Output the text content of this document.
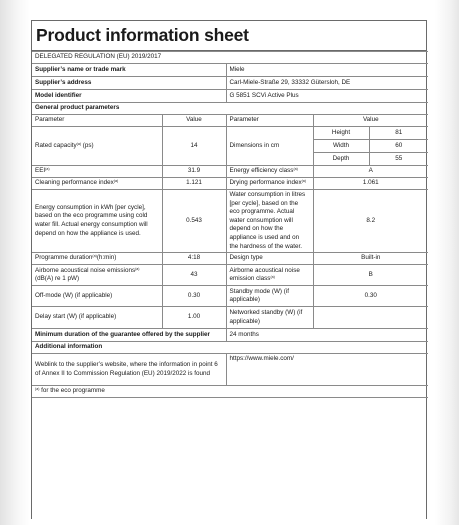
Product information sheet
DELEGATED REGULATION (EU) 2019/2017				
Supplier’s name or trade mark		Miele		
Supplier’s address		Carl-Miele-Straße 29, 33332 Gütersloh, DE		
Model identifier		G 5851 SCVi Active Plus		
General product parameters				
Parameter	Value	Parameter	Value	
Rated capacity$^{(a)}$ (ps)	14	Dimensions in cm	Height	81
			Width	60
			Depth	55
EEI$^{(a)}$	31.9	Energy efficiency class$^{(a)}$	A	
Cleaning performance index$^{(a)}$	1.121	Drying performance index$^{(a)}$	1.061	
Energy consumption in kWh [per cycle], based on the eco programme using cold water fill. Actual energy consumption will depend on how the appliance is used.	0.543	Water consumption in litres [per cycle], based on the eco programme. Actual water consumption will depend on how the appliance is used and on the hardness of the water.	8.2	
Programme duration$^{(a)}$(h:min)	4:18	Design type	Built-in	
Airborne acoustical noise emissions$^{(a)}$ (dB(A) re 1 pW)	43	Airborne acoustical noise emission class$^{(a)}$	B	
Off-mode (W) (if applicable)	0.30	Standby mode (W) (if applicable)	0.30	
Delay start (W) (if applicable)	1.00	Networked standby (W) (if applicable)		
Minimum duration of the guarantee offered by the supplier		24 months		
Additional information				
Weblink to the supplier’s website, where the information in point 6 of Annex II to Commission Regulation (EU) 2019/2022 is found		https://www.miele.com/		
$^{(a)}$ for the eco programme				
